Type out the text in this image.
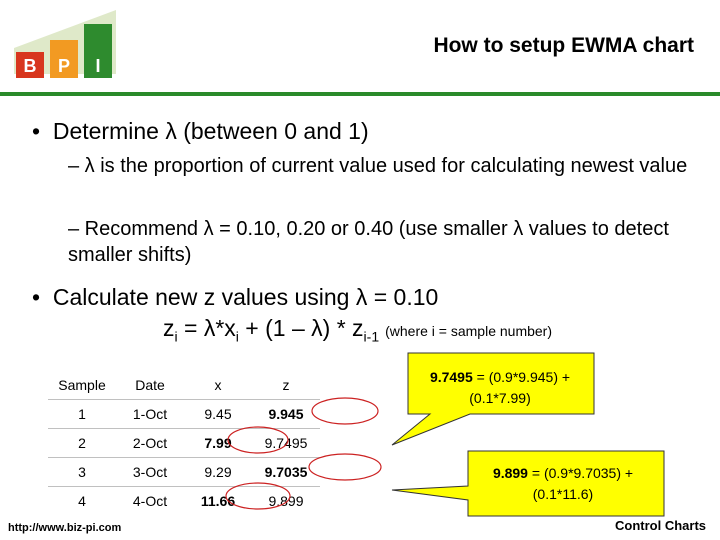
B P I
How to setup EWMA chart
•  Determine λ (between 0 and 1)
– λ is the proportion of current value used for calculating newest value
– Recommend λ = 0.10, 0.20 or 0.40 (use smaller λ values to detect smaller shifts)
•  Calculate new z values using λ = 0.10
$z_i = \lambda*x_i + (1 - \lambda) * z_{i-1}$ (where i = sample number)
Sample	Date	x	z
1	1-Oct	9.45	9.945
2	2-Oct	7.99	9.7495
3	3-Oct	9.29	9.7035
4	4-Oct	11.66	9.899
9.7495 = (0.9*9.945) + (0.1*7.99)
9.899 = (0.9*9.7035) + (0.1*11.6)
http://www.biz-pi.com	Control Charts
